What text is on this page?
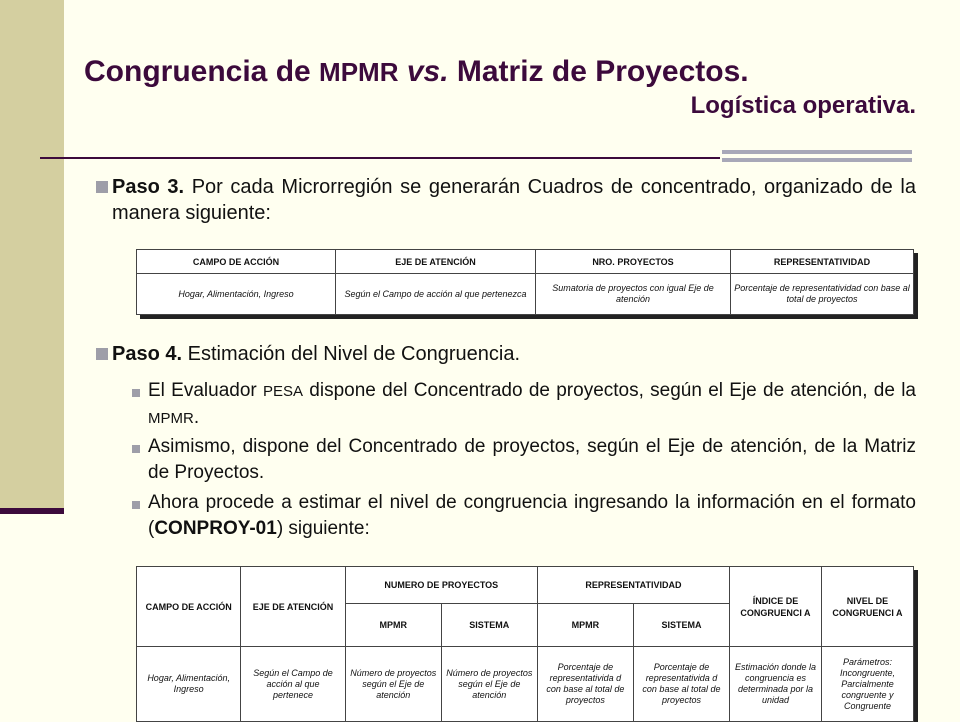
Congruencia de MPMR vs. Matriz de Proyectos.
Logística operativa.
Paso 3. Por cada Microrregión se generarán Cuadros de concentrado, organizado de la manera siguiente:
CAMPO DE ACCIÓN	EJE DE ATENCIÓN	NRO. PROYECTOS	REPRESENTATIVIDAD
Hogar, Alimentación, Ingreso	Según el Campo de acción al que pertenezca	Sumatoria de proyectos con igual Eje de atención	Porcentaje de representatividad con base al total de proyectos
Paso 4. Estimación del Nivel de Congruencia.
El Evaluador PESA dispone del Concentrado de proyectos, según el Eje de atención, de la MPMR.
Asimismo, dispone del Concentrado de proyectos, según el Eje de atención, de la Matriz de Proyectos.
Ahora procede a estimar el nivel de congruencia ingresando la información en el formato (CONPROY-01) siguiente:
CAMPO DE ACCIÓN	EJE DE ATENCIÓN	NUMERO DE PROYECTOS		REPRESENTATIVIDAD		ÍNDICE DE CONGRUENCI A	NIVEL DE CONGRUENCI A
		MPMR	SISTEMA	MPMR	SISTEMA		
Hogar, Alimentación, Ingreso	Según el Campo de acción al que pertenece	Número de proyectos según el Eje de atención	Número de proyectos según el Eje de atención	Porcentaje de representativida d con base al total de proyectos	Porcentaje de representativida d con base al total de proyectos	Estimación donde la congruencia es determinada por la unidad	Parámetros: Incongruente, Parcialmente congruente y Congruente
